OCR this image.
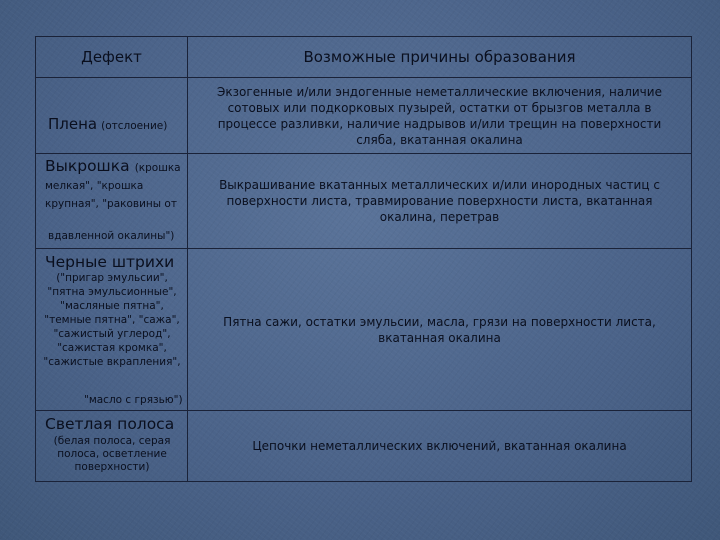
Дефект	Возможные причины образования

Плена (отслоение)	Экзогенные и/или эндогенные неметаллические включения, наличие сотовых или подкорковых пузырей, остатки от брызгов металла в процессе разливки, наличие надрывов и/или трещин на поверхности сляба, вкатанная окалина

Выкрошка (крошка мелкая", "крошка крупная", "раковины от
вдавленной окалины")	Выкрашивание вкатанных металлических и/или инородных частиц с поверхности листа, травмирование поверхности листа, вкатанная окалина, перетрав

Черные штрихи
("пригар эмульсии", "пятна эмульсионные", "масляные пятна", "темные пятна", "сажа", "сажистый углерод", "сажистая кромка", "сажистые вкрапления",
"масло с грязью")	Пятна сажи, остатки эмульсии, масла, грязи на поверхности листа, вкатанная окалина

Светлая полоса
(белая полоса, серая полоса, осветление поверхности)	Цепочки неметаллических включений, вкатанная окалина
